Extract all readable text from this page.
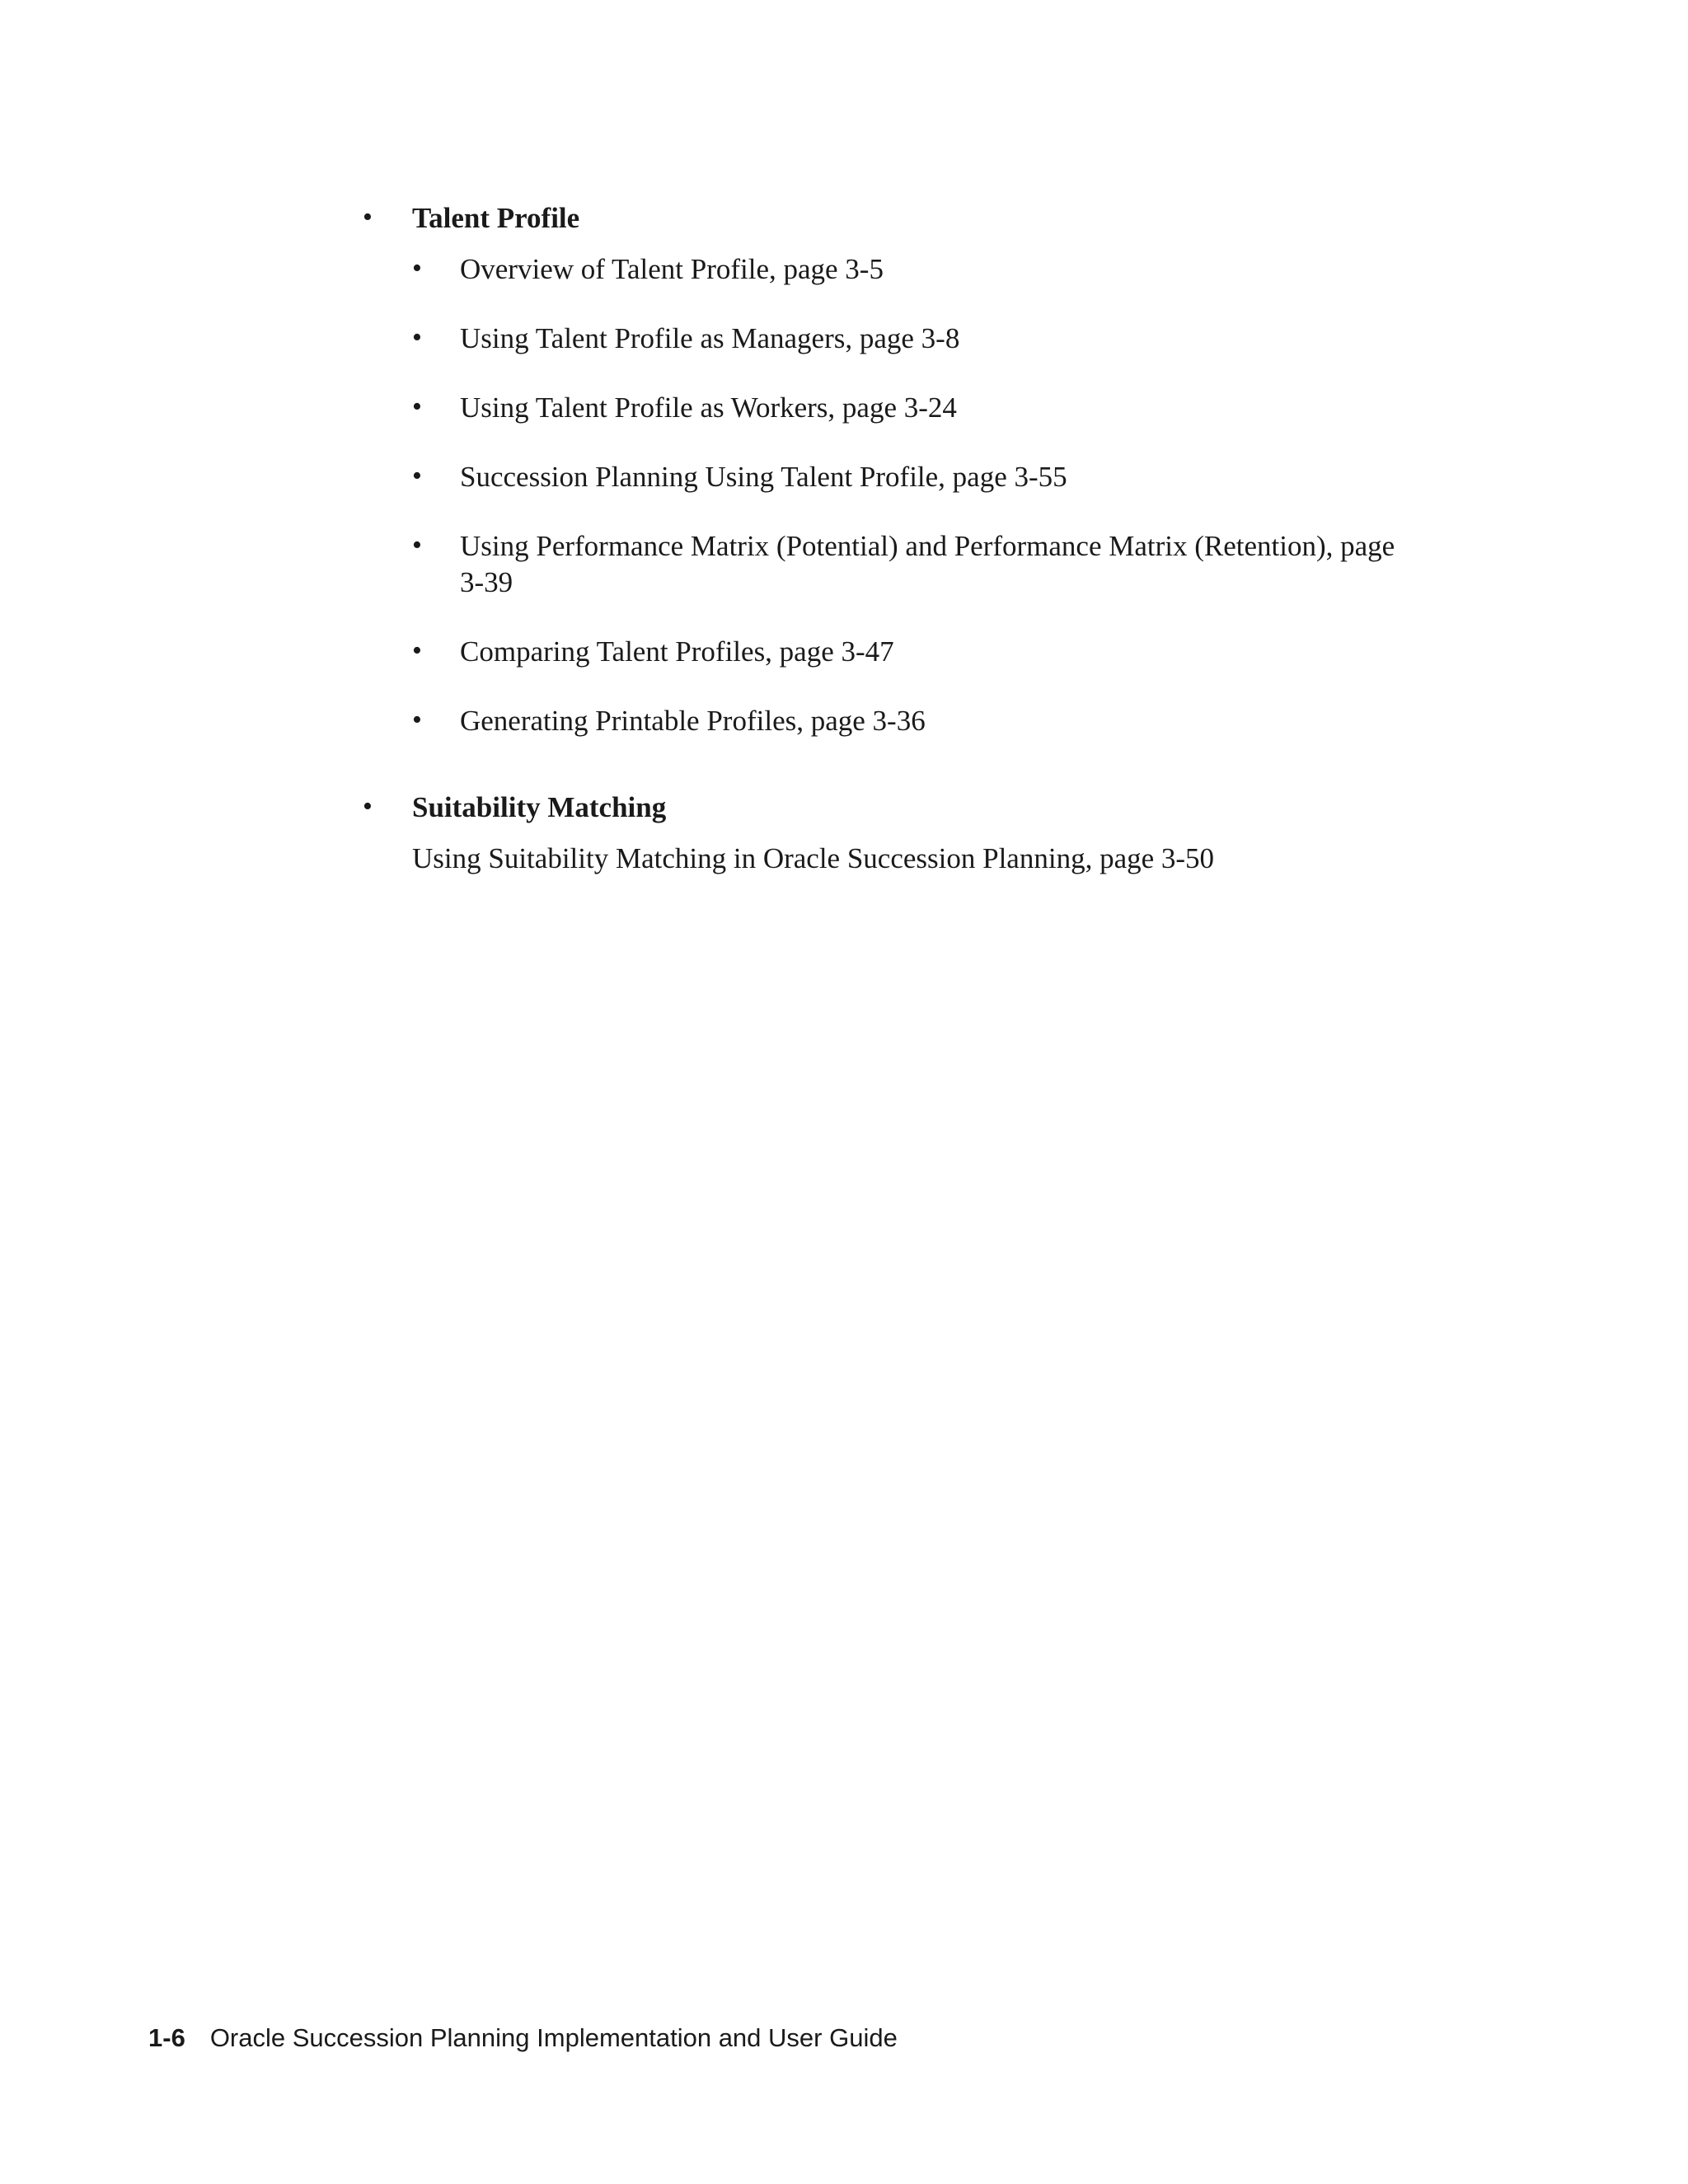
• Talent Profile
• Overview of Talent Profile, page 3-5
• Using Talent Profile as Managers, page 3-8
• Using Talent Profile as Workers, page 3-24
• Succession Planning Using Talent Profile, page 3-55
• Using Performance Matrix (Potential) and Performance Matrix (Retention), page 3-39
• Comparing Talent Profiles, page 3-47
• Generating Printable Profiles, page 3-36
• Suitability Matching
Using Suitability Matching in Oracle Succession Planning, page 3-50
1-6 Oracle Succession Planning Implementation and User Guide
